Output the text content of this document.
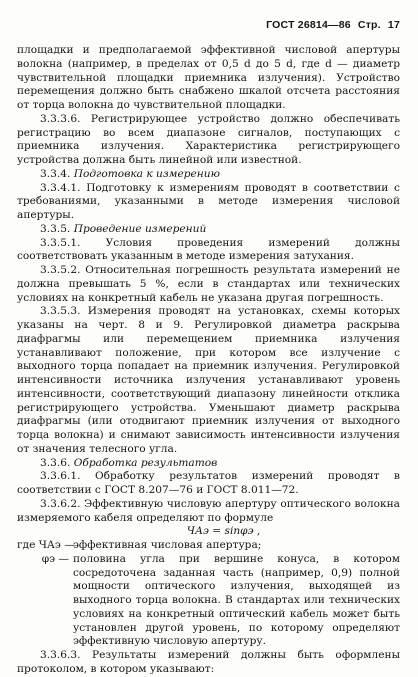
ГОСТ 26814—86 Стр. 17

площадки и предполагаемой эффективной числовой апертуры волокна (например, в пределах от 0,5 d до 5 d, где d — диаметр чувствительной площадки приемника излучения). Устройство перемещения должно быть снабжено шкалой отсчета расстояния от торца волокна до чувствительной площадки.

3.3.3.6. Регистрирующее устройство должно обеспечивать регистрацию во всем диапазоне сигналов, поступающих с приемника излучения. Характеристика регистрирующего устройства должна быть линейной или известной.

3.3.4. Подготовка к измерению

3.3.4.1. Подготовку к измерениям проводят в соответствии с требованиями, указанными в методе измерения числовой апертуры.

3.3.5. Проведение измерений

3.3.5.1. Условия проведения измерений должны соответствовать указанным в методе измерения затухания.

3.3.5.2. Относительная погрешность результата измерений не должна превышать 5 %, если в стандартах или технических условиях на конкретный кабель не указана другая погрешность.

3.3.5.3. Измерения проводят на установках, схемы которых указаны на черт. 8 и 9. Регулировкой диаметра раскрыва диафрагмы или перемещением приемника излучения устанавливают положение, при котором все излучение с выходного торца попадает на приемник излучения. Регулировкой интенсивности источника излучения устанавливают уровень интенсивности, соответствующий диапазону линейности отклика регистрирующего устройства. Уменьшают диаметр раскрыва диафрагмы (или отодвигают приемник излучения от выходного торца волокна) и снимают зависимость интенсивности излучения от значения телесного угла.

3.3.6. Обработка результатов

3.3.6.1. Обработку результатов измерений проводят в соответствии с ГОСТ 8.207—76 и ГОСТ 8.011—72.

3.3.6.2. Эффективную числовую апертуру оптического волокна измеряемого кабеля определяют по формуле

ЧАэ = sinφэ ,

где ЧАэ —
эффективная числовая апертура;
φэ — половина угла при вершине конуса, в котором сосредоточена заданная часть (например, 0,9) полной мощности оптического излучения, выходящей из выходного торца волокна. В стандартах или технических условиях на конкретный оптический кабель может быть установлен другой уровень, по которому определяют эффективную числовую апертуру.

3.3.6.3. Результаты измерений должны быть оформлены протоколом, в котором указывают:
